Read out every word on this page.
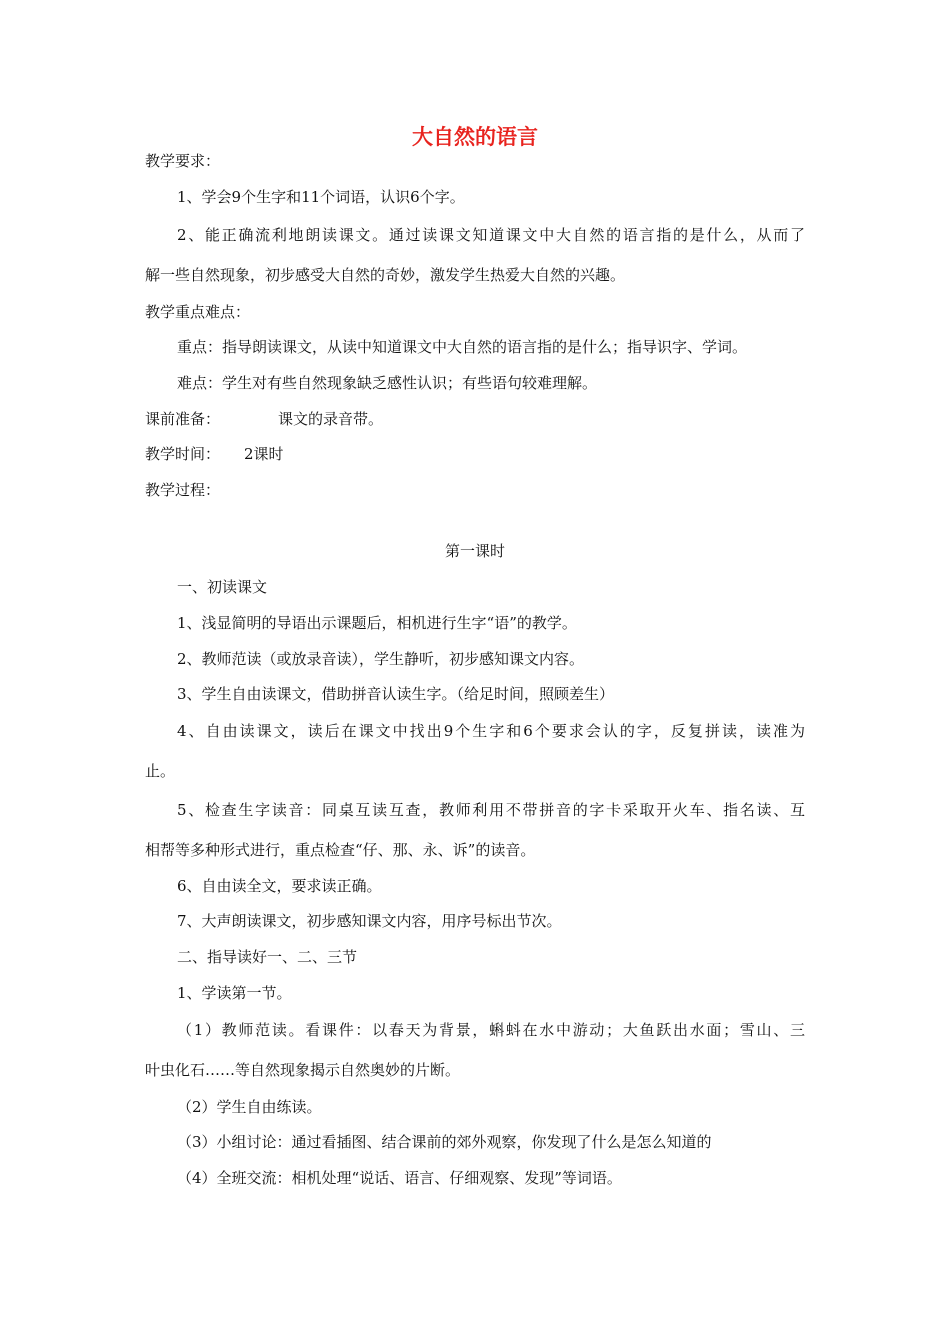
大自然的语言
教学要求：
1、学会9个生字和11个词语，认识6个字。
2、能正确流利地朗读课文。通过读课文知道课文中大自然的语言指的是什么，从而了
解一些自然现象，初步感受大自然的奇妙，激发学生热爱大自然的兴趣。
教学重点难点：
重点：指导朗读课文，从读中知道课文中大自然的语言指的是什么；指导识字、学词。
难点：学生对有些自然现象缺乏感性认识；有些语句较难理解。
课前准备：	课文的录音带。
教学时间： 2课时
教学过程：
第一课时
一、初读课文
1、浅显简明的导语出示课题后，相机进行生字“语”的教学。
2、教师范读（或放录音读），学生静听，初步感知课文内容。
3、学生自由读课文，借助拼音认读生字。（给足时间，照顾差生）
4、自由读课文，读后在课文中找出9个生字和6个要求会认的字，反复拼读，读准为
止。
5、检查生字读音：同桌互读互查，教师利用不带拼音的字卡采取开火车、指名读、互
相帮等多种形式进行，重点检查“仔、那、永、诉”的读音。
6、自由读全文，要求读正确。
7、大声朗读课文，初步感知课文内容，用序号标出节次。
二、指导读好一、二、三节
1、学读第一节。
（1）教师范读。看课件：以春天为背景，蝌蚪在水中游动；大鱼跃出水面；雪山、三
叶虫化石……等自然现象揭示自然奥妙的片断。
（2）学生自由练读。
（3）小组讨论：通过看插图、结合课前的郊外观察，你发现了什么是怎么知道的
（4）全班交流：相机处理“说话、语言、仔细观察、发现”等词语。
